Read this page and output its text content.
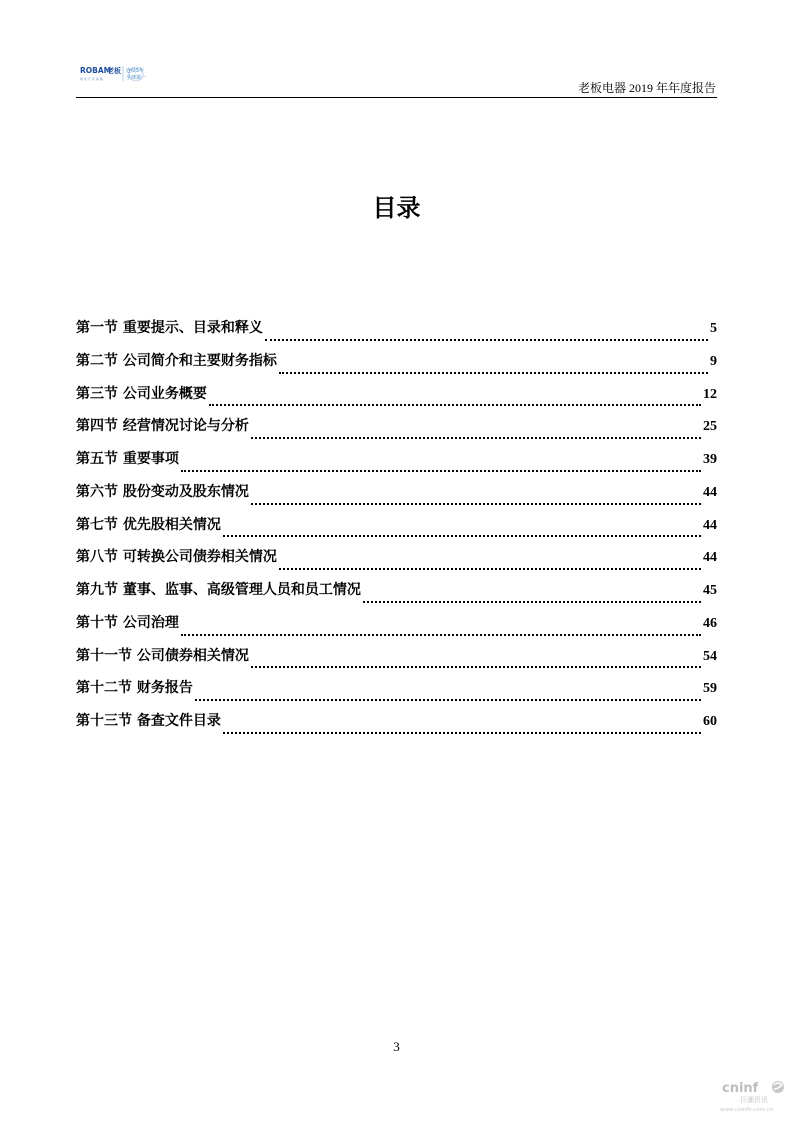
ROBAM
老板
厨 电 专 家 高 端
连续5年
全球第一
老板电器 2019 年年度报告
目录
第一节 重要提示、目录和释义	5
第二节 公司简介和主要财务指标	9
第三节 公司业务概要	12
第四节 经营情况讨论与分析	25
第五节 重要事项	39
第六节 股份变动及股东情况	44
第七节 优先股相关情况	44
第八节 可转换公司债券相关情况	44
第九节 董事、监事、高级管理人员和员工情况	45
第十节 公司治理	46
第十一节 公司债券相关情况	54
第十二节 财务报告	59
第十三节 备查文件目录	60
3
cninf
巨潮资讯
www.cninfo.com.cn
